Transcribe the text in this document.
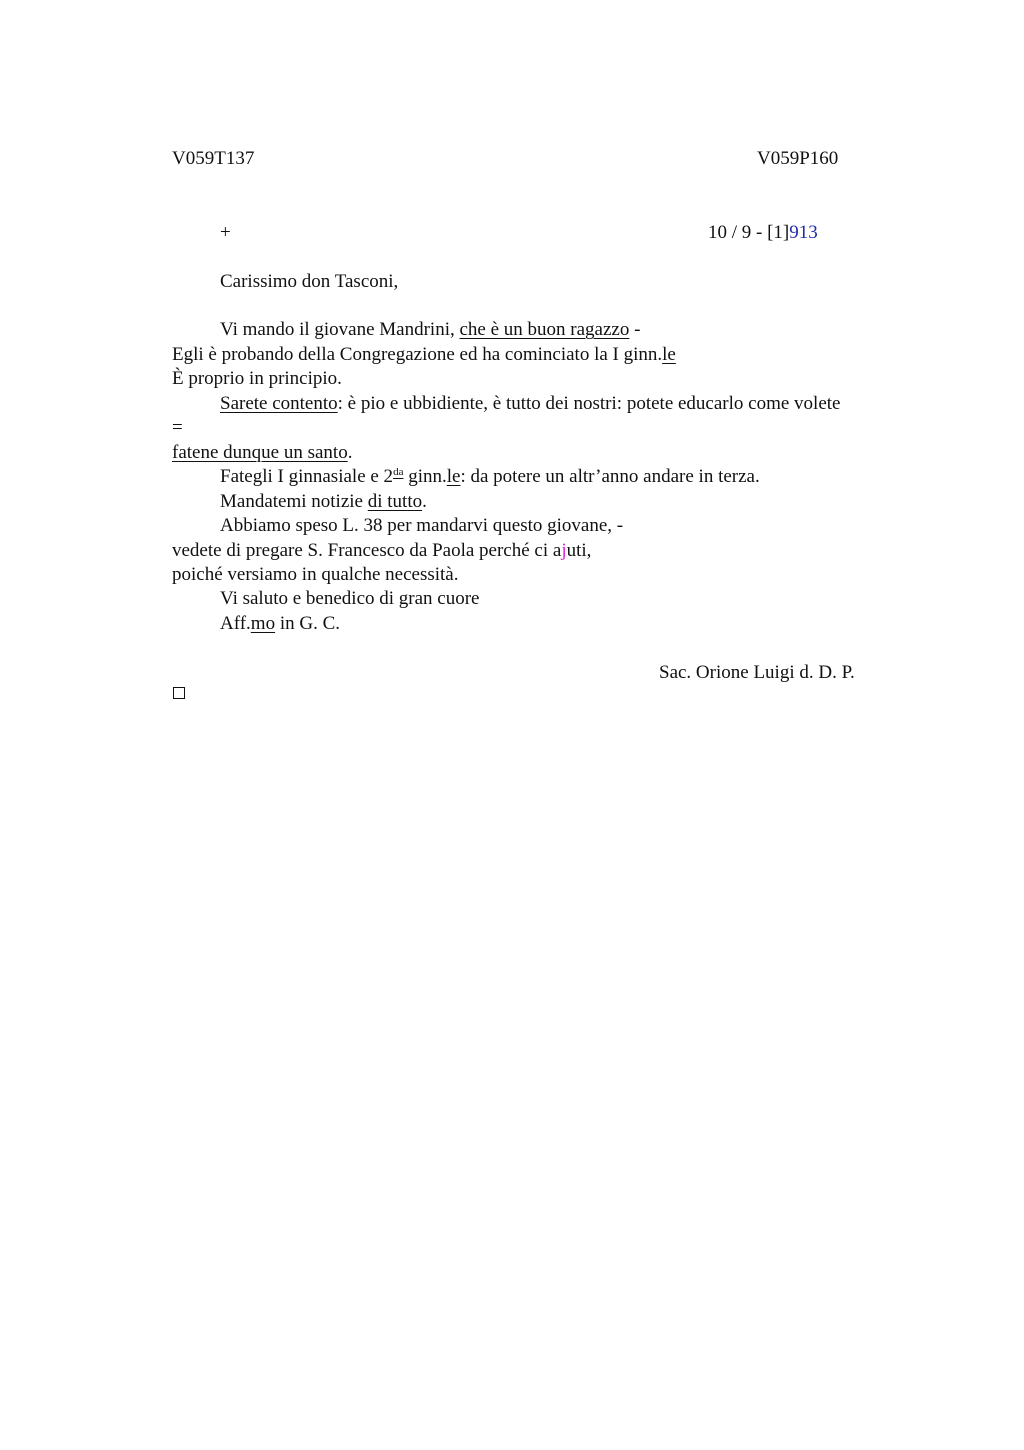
V059T137	V059P160
+	10 / 9 - [1]913
Carissimo don Tasconi,
Vi mando il giovane Mandrini, che è un buon ragazzo -
Egli è probando della Congregazione ed ha cominciato la I ginn.le
È proprio in principio.
Sarete contento: è pio e ubbidiente, è tutto dei nostri: potete educarlo come volete
=
fatene dunque un santo.
Fategli I ginnasiale e $2^{da}$ ginn.le: da potere un altr’anno andare in terza.
Mandatemi notizie di tutto.
Abbiamo speso L. 38 per mandarvi questo giovane, -
vedete di pregare S. Francesco da Paola perché ci ajuti,
poiché versiamo in qualche necessità.
Vi saluto e benedico di gran cuore
Aff.mo in G. C.
Sac. Orione Luigi d. D. P.
